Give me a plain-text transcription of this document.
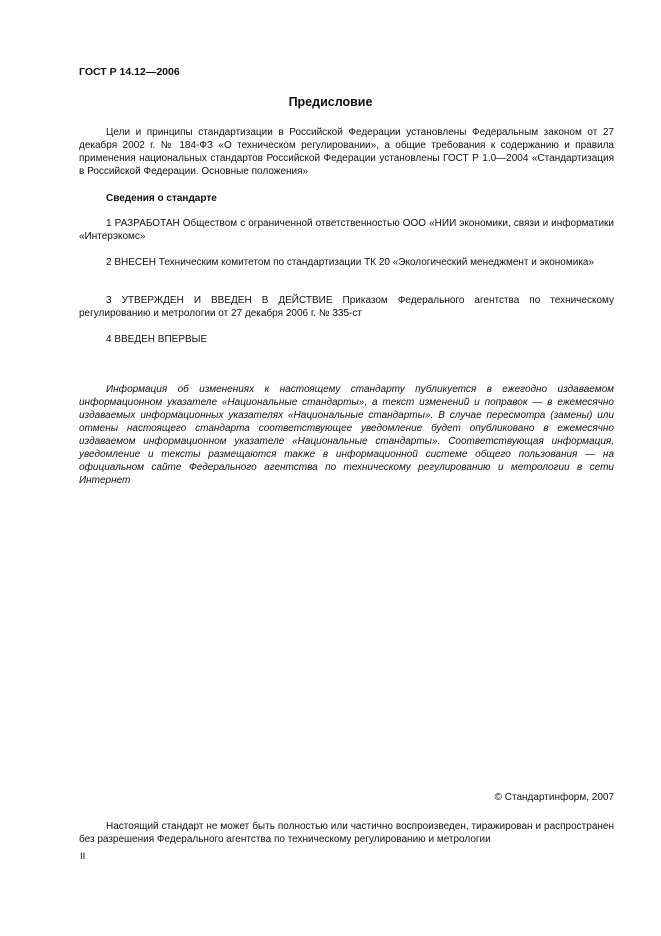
ГОСТ Р 14.12—2006
Предисловие

Цели и принципы стандартизации в Российской Федерации установлены Федеральным законом от 27 декабря 2002 г. № 184-ФЗ «О техническом регулировании», а общие требования к содержанию и правила применения национальных стандартов Российской Федерации установлены ГОСТ Р 1.0—2004 «Стандартизация в Российской Федерации. Основные положения»

Сведения о стандарте

1 РАЗРАБОТАН Обществом с ограниченной ответственностью ООО «НИИ экономики, связи и информатики «Интерэкомс»

2 ВНЕСЕН Техническим комитетом по стандартизации ТК 20 «Экологический менеджмент и экономика»

3 УТВЕРЖДЕН И ВВЕДЕН В ДЕЙСТВИЕ Приказом Федерального агентства по техническому регулированию и метрологии от 27 декабря 2006 г. № 335-ст

4 ВВЕДЕН ВПЕРВЫЕ

Информация об изменениях к настоящему стандарту публикуется в ежегодно издаваемом информационном указателе «Национальные стандарты», а текст изменений и поправок — в ежемесячно издаваемых информационных указателях «Национальные стандарты». В случае пересмотра (замены) или отмены настоящего стандарта соответствующее уведомление будет опубликовано в ежемесячно издаваемом информационном указателе «Национальные стандарты». Соответствующая информация, уведомление и тексты размещаются также в информационной системе общего пользования — на официальном сайте Федерального агентства по техническому регулированию и метрологии в сети Интернет

© Стандартинформ, 2007

Настоящий стандарт не может быть полностью или частично воспроизведен, тиражирован и распространен без разрешения Федерального агентства по техническому регулированию и метрологии

II
